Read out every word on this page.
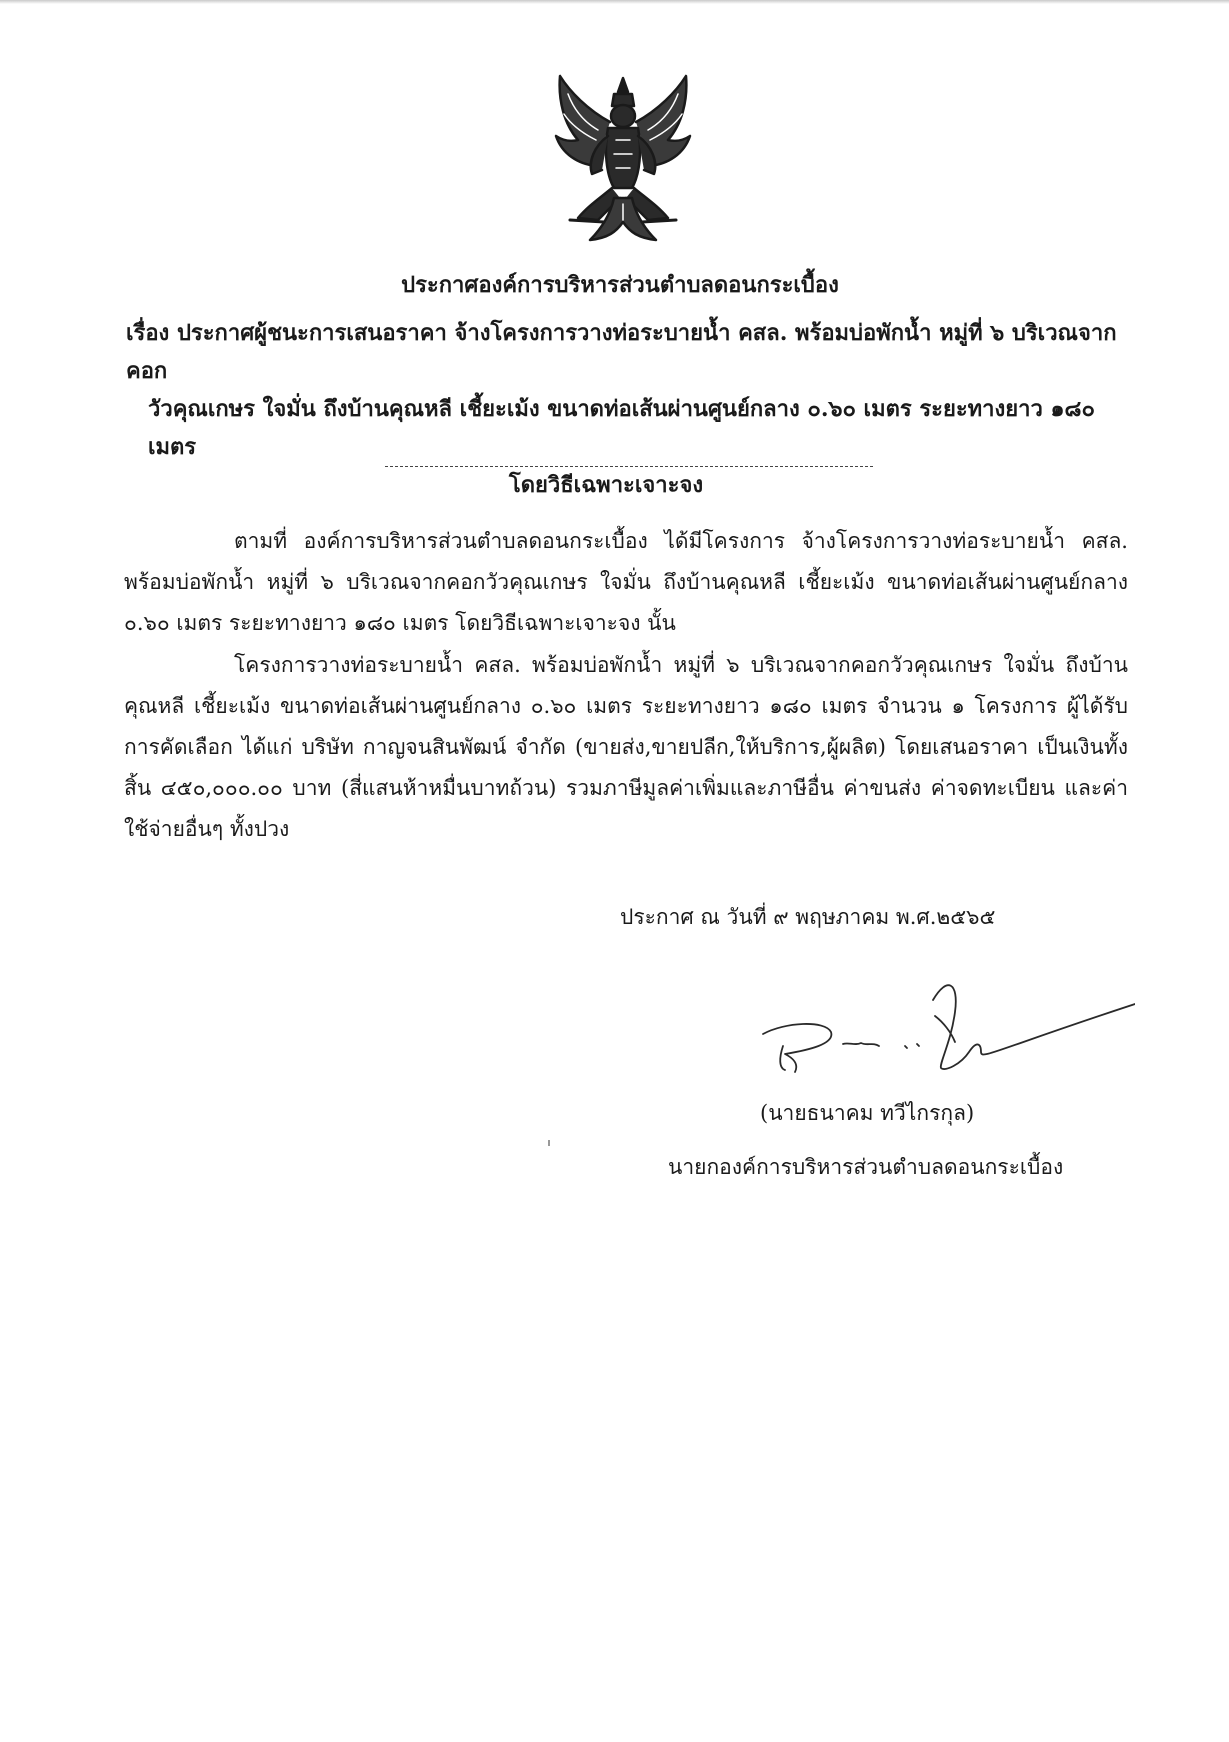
ประกาศองค์การบริหารส่วนตำบลดอนกระเบื้อง
เรื่อง ประกาศผู้ชนะการเสนอราคา จ้างโครงการวางท่อระบายน้ำ คสล. พร้อมบ่อพักน้ำ หมู่ที่ ๖ บริเวณจากคอก
วัวคุณเกษร ใจมั่น ถึงบ้านคุณหลี เชี้ยะเม้ง ขนาดท่อเส้นผ่านศูนย์กลาง ๐.๖๐ เมตร ระยะทางยาว ๑๘๐ เมตร
โดยวิธีเฉพาะเจาะจง

ตามที่ องค์การบริหารส่วนตำบลดอนกระเบื้อง ได้มีโครงการ จ้างโครงการวางท่อระบายน้ำ คสล. พร้อมบ่อพักน้ำ หมู่ที่ ๖ บริเวณจากคอกวัวคุณเกษร ใจมั่น ถึงบ้านคุณหลี เชี้ยะเม้ง ขนาดท่อเส้นผ่านศูนย์กลาง ๐.๖๐ เมตร ระยะทางยาว ๑๘๐ เมตร โดยวิธีเฉพาะเจาะจง นั้น

โครงการวางท่อระบายน้ำ คสล. พร้อมบ่อพักน้ำ หมู่ที่ ๖ บริเวณจากคอกวัวคุณเกษร ใจมั่น ถึงบ้านคุณหลี เชี้ยะเม้ง ขนาดท่อเส้นผ่านศูนย์กลาง ๐.๖๐ เมตร ระยะทางยาว ๑๘๐ เมตร จำนวน ๑ โครงการ ผู้ได้รับการคัดเลือก ได้แก่ บริษัท กาญจนสินพัฒน์ จำกัด (ขายส่ง,ขายปลีก,ให้บริการ,ผู้ผลิต) โดยเสนอราคา เป็นเงินทั้งสิ้น ๔๕๐,๐๐๐.๐๐ บาท (สี่แสนห้าหมื่นบาทถ้วน) รวมภาษีมูลค่าเพิ่มและภาษีอื่น ค่าขนส่ง ค่าจดทะเบียน และค่าใช้จ่ายอื่นๆ ทั้งปวง

ประกาศ ณ วันที่ ๙ พฤษภาคม พ.ศ.๒๕๖๕
(นายธนาคม ทวีไกรกุล)
นายกองค์การบริหารส่วนตำบลดอนกระเบื้อง
